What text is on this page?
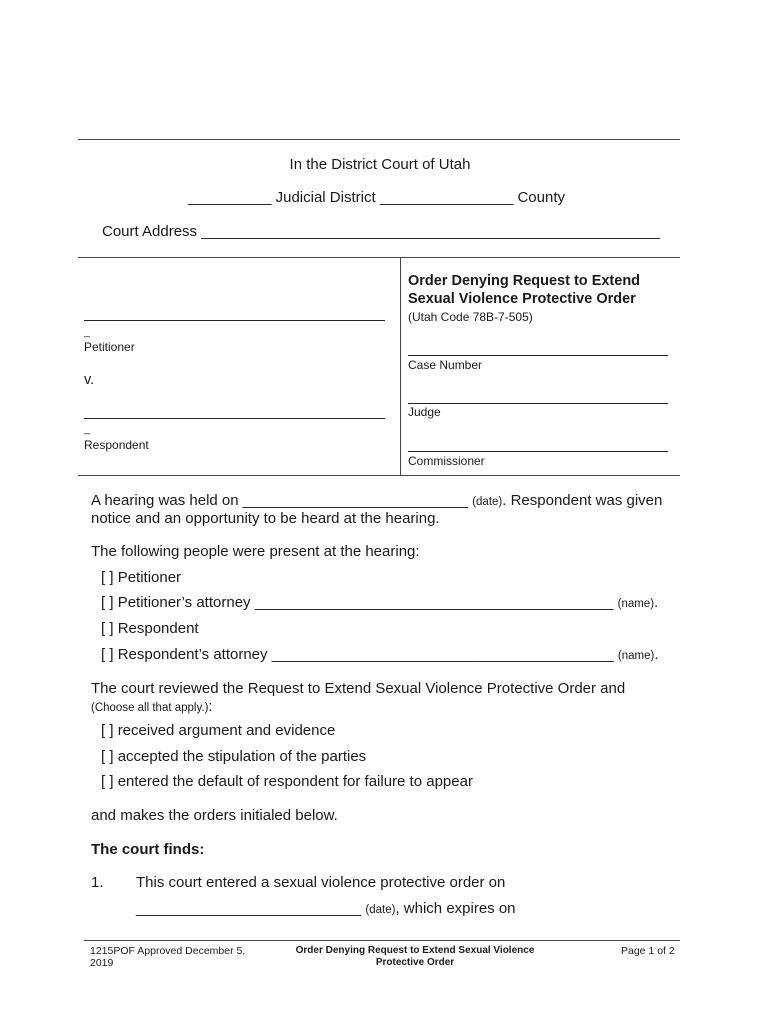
In the District Court of Utah
__________ Judicial District ________________ County
Court Address _______________________________________________________
_
Petitioner
v.
_
Respondent
Order Denying Request to Extend
Sexual Violence Protective Order
(Utah Code 78B-7-505)
Case Number
Judge
Commissioner
A hearing was held on ___________________________ (date). Respondent was given
notice and an opportunity to be heard at the hearing.
The following people were present at the hearing:
[ ] Petitioner
[ ] Petitioner’s attorney ___________________________________________ (name).
[ ] Respondent
[ ] Respondent’s attorney _________________________________________ (name).
The court reviewed the Request to Extend Sexual Violence Protective Order and
(Choose all that apply.):
[ ] received argument and evidence
[ ] accepted the stipulation of the parties
[ ] entered the default of respondent for failure to appear
and makes the orders initialed below.
The court finds:
1. This court entered a sexual violence protective order on
___________________________ (date), which expires on
1215POF Approved December 5, 2019
Order Denying Request to Extend Sexual Violence
Protective Order
Page 1 of 2
